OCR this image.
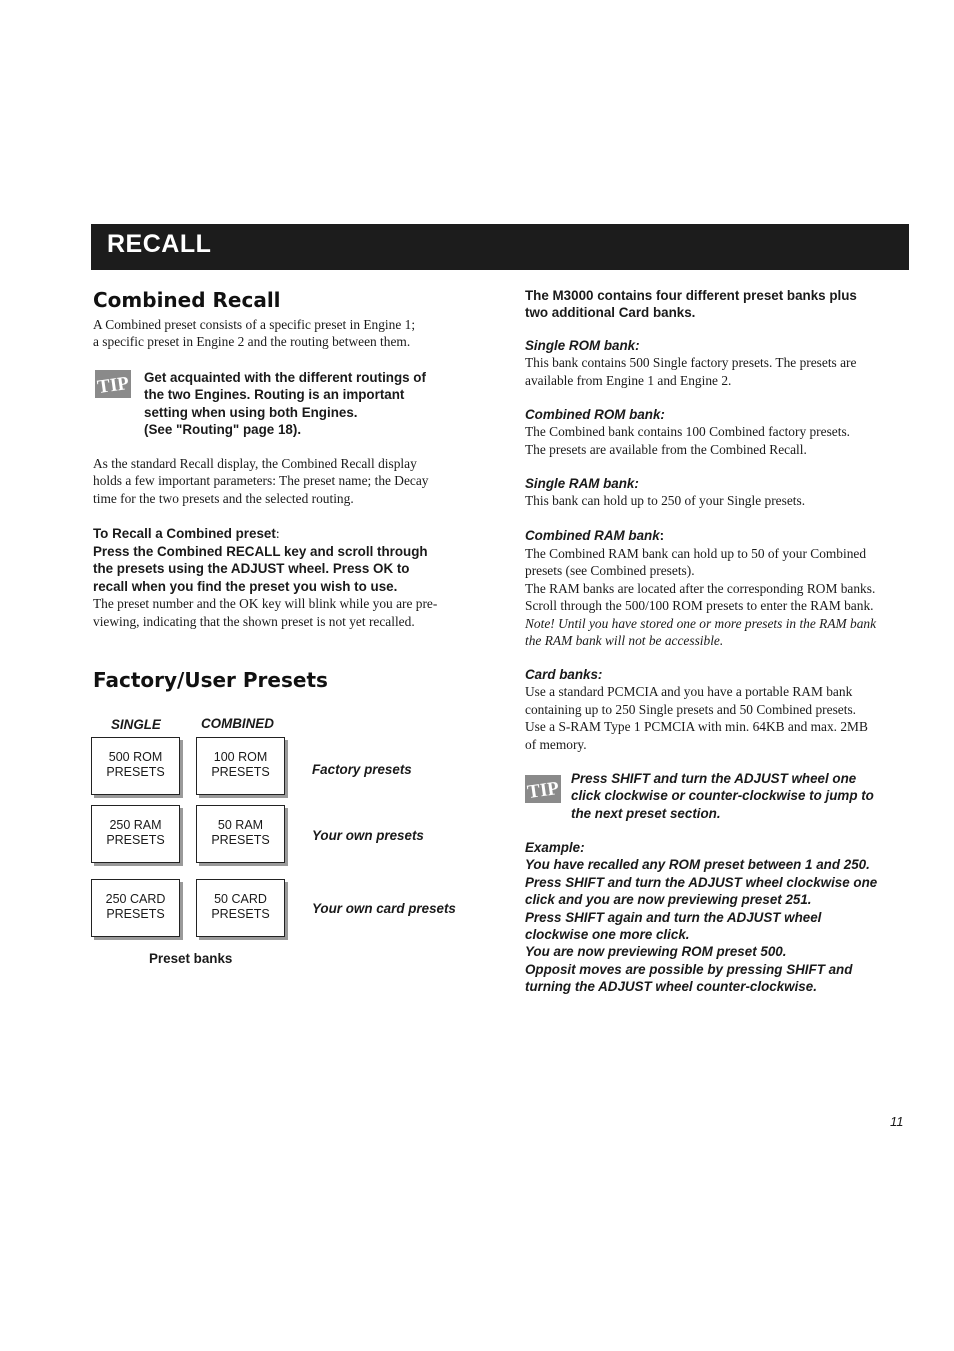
RECALL
Combined Recall
A Combined preset consists of a specific preset in Engine 1;
a specific preset in Engine 2 and the routing between them.
TIP Get acquainted with the different routings of
the two Engines. Routing is an important
setting when using both Engines.
(See "Routing" page 18).
As the standard Recall display, the Combined Recall display
holds a few important parameters: The preset name; the Decay
time for the two presets and the selected routing.
To Recall a Combined preset:
Press the Combined RECALL key and scroll through
the presets using the ADJUST wheel. Press OK to
recall when you find the preset you wish to use.
The preset number and the OK key will blink while you are pre-
viewing, indicating that the shown preset is not yet recalled.
Factory/User Presets
SINGLE	COMBINED
500 ROM
PRESETS
100 ROM
PRESETS	Factory presets
250 RAM
PRESETS
50 RAM
PRESETS	Your own presets
250 CARD
PRESETS
50 CARD
PRESETS	Your own card presets
Preset banks
The M3000 contains four different preset banks plus
two additional Card banks.
Single ROM bank:
This bank contains 500 Single factory presets. The presets are
available from Engine 1 and Engine 2.
Combined ROM bank:
The Combined bank contains 100 Combined factory presets.
The presets are available from the Combined Recall.
Single RAM bank:
This bank can hold up to 250 of your Single presets.
Combined RAM bank:
The Combined RAM bank can hold up to 50 of your Combined
presets (see Combined presets).
The RAM banks are located after the corresponding ROM banks.
Scroll through the 500/100 ROM presets to enter the RAM bank.
Note! Until you have stored one or more presets in the RAM bank
the RAM bank will not be accessible.
Card banks:
Use a standard PCMCIA and you have a portable RAM bank
containing up to 250 Single presets and 50 Combined presets.
Use a S-RAM Type 1 PCMCIA with min. 64KB and max. 2MB
of memory.
TIP Press SHIFT and turn the ADJUST wheel one
click clockwise or counter-clockwise to jump to
the next preset section.
Example:
You have recalled any ROM preset between 1 and 250.
Press SHIFT and turn the ADJUST wheel clockwise one
click and you are now previewing preset 251.
Press SHIFT again and turn the ADJUST wheel
clockwise one more click.
You are now previewing ROM preset 500.
Opposit moves are possible by pressing SHIFT and
turning the ADJUST wheel counter-clockwise.
11
